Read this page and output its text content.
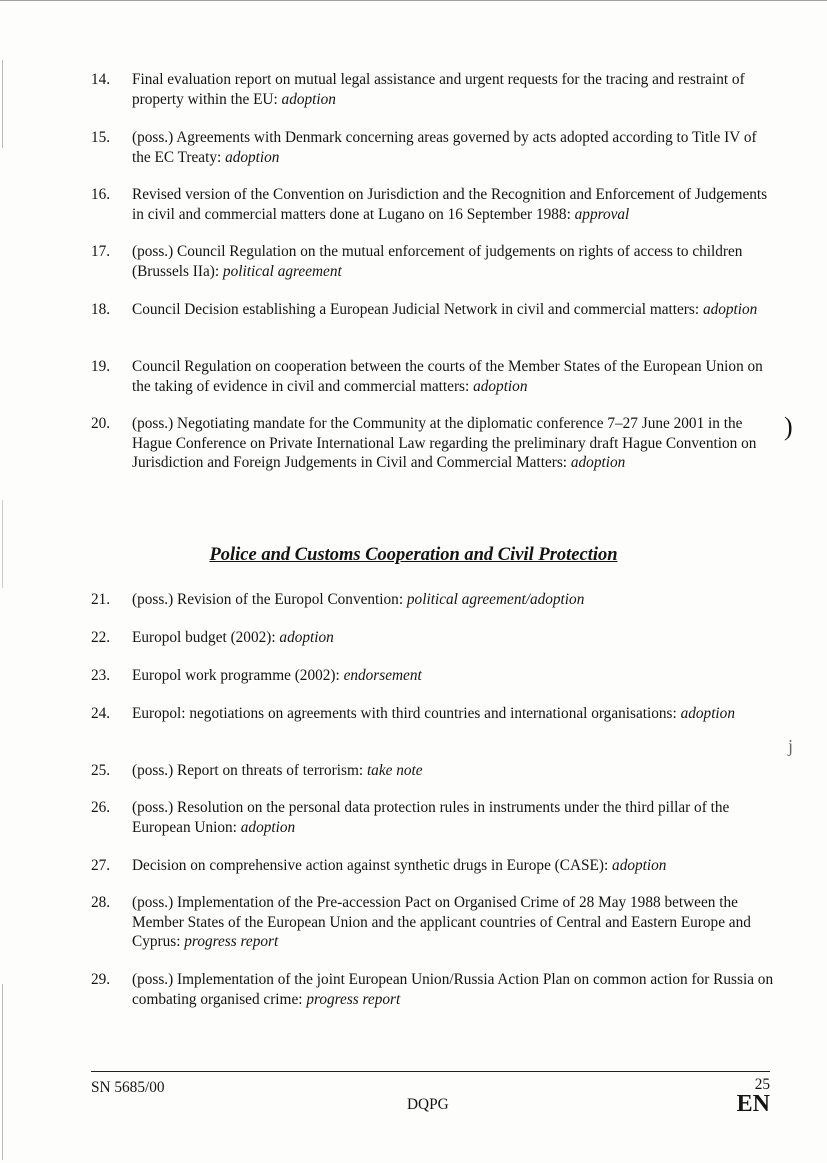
)
j
14.	Final evaluation report on mutual legal assistance and urgent requests for the tracing and restraint of property within the EU: adoption
15.	(poss.) Agreements with Denmark concerning areas governed by acts adopted according to Title IV of the EC Treaty: adoption
16.	Revised version of the Convention on Jurisdiction and the Recognition and Enforcement of Judgements in civil and commercial matters done at Lugano on 16 September 1988: approval
17.	(poss.) Council Regulation on the mutual enforcement of judgements on rights of access to children (Brussels IIa): political agreement
18.	Council Decision establishing a European Judicial Network in civil and commercial matters: adoption
19.	Council Regulation on cooperation between the courts of the Member States of the European Union on the taking of evidence in civil and commercial matters: adoption
20.	(poss.) Negotiating mandate for the Community at the diplomatic conference 7–27 June 2001 in the Hague Conference on Private International Law regarding the preliminary draft Hague Convention on Jurisdiction and Foreign Judgements in Civil and Commercial Matters: adoption
Police and Customs Cooperation and Civil Protection
21.	(poss.) Revision of the Europol Convention: political agreement/adoption
22.	Europol budget (2002): adoption
23.	Europol work programme (2002): endorsement
24.	Europol: negotiations on agreements with third countries and international organisations: adoption
25.	(poss.) Report on threats of terrorism: take note
26.	(poss.) Resolution on the personal data protection rules in instruments under the third pillar of the European Union: adoption
27.	Decision on comprehensive action against synthetic drugs in Europe (CASE): adoption
28.	(poss.) Implementation of the Pre-accession Pact on Organised Crime of 28 May 1988 between the Member States of the European Union and the applicant countries of Central and Eastern Europe and Cyprus: progress report
29.	(poss.) Implementation of the joint European Union/Russia Action Plan on common action for Russia on combating organised crime: progress report
SN 5685/00
DQPG
25
EN
